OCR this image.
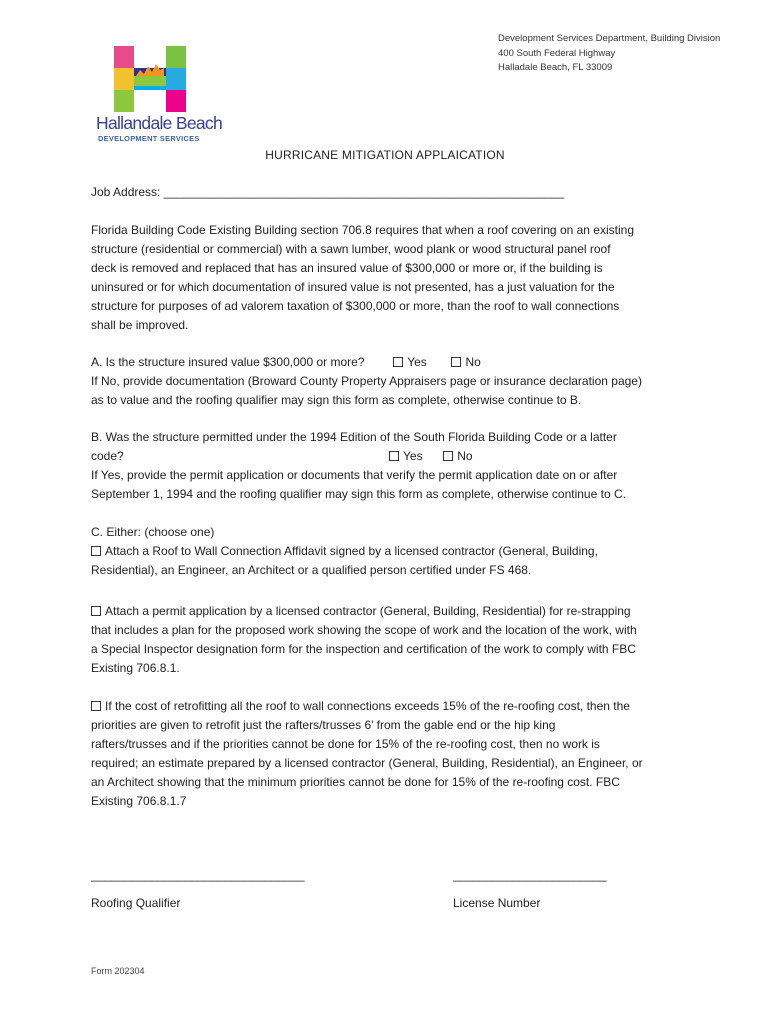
Development Services Department, Building Division
400 South Federal Highway
Halladale Beach, FL 33009
Hallandale Beach
DEVELOPMENT SERVICES
HURRICANE MITIGATION APPLAICATION
Job Address: ____________________________________________________________
Florida Building Code Existing Building section 706.8 requires that when a roof covering on an existing
structure (residential or commercial) with a sawn lumber, wood plank or wood structural panel roof
deck is removed and replaced that has an insured value of $300,000 or more or, if the building is
uninsured or for which documentation of insured value is not presented, has a just valuation for the
structure for purposes of ad valorem taxation of $300,000 or more, than the roof to wall connections
shall be improved.
A. Is the structure insured value $300,000 or more?	Yes	No
If No, provide documentation (Broward County Property Appraisers page or insurance declaration page)
as to value and the roofing qualifier may sign this form as complete, otherwise continue to B.
B. Was the structure permitted under the 1994 Edition of the South Florida Building Code or a latter
code?	Yes	No
If Yes, provide the permit application or documents that verify the permit application date on or after
September 1, 1994 and the roofing qualifier may sign this form as complete, otherwise continue to C.
C. Either: (choose one)
Attach a Roof to Wall Connection Affidavit signed by a licensed contractor (General, Building,
Residential), an Engineer, an Architect or a qualified person certified under FS 468.
Attach a permit application by a licensed contractor (General, Building, Residential) for re-strapping
that includes a plan for the proposed work showing the scope of work and the location of the work, with
a Special Inspector designation form for the inspection and certification of the work to comply with FBC
Existing 706.8.1.
If the cost of retrofitting all the roof to wall connections exceeds 15% of the re-roofing cost, then the
priorities are given to retrofit just the rafters/trusses 6’ from the gable end or the hip king
rafters/trusses and if the priorities cannot be done for 15% of the re-roofing cost, then no work is
required; an estimate prepared by a licensed contractor (General, Building, Residential), an Engineer, or
an Architect showing that the minimum priorities cannot be done for 15% of the re-roofing cost. FBC
Existing 706.8.1.7
________________________________
Roofing Qualifier
_______________________
License Number
Form 202304
